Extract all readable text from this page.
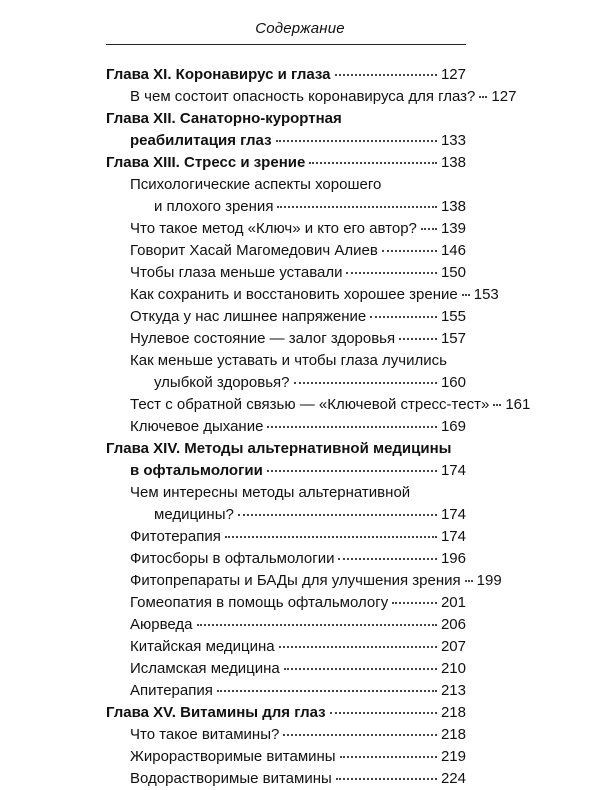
Содержание
Глава XI. Коронавирус и глаза	127
В чем состоит опасность коронавируса для глаз? 127
Глава XII. Санаторно-курортная
реабилитация глаз	133
Глава XIII. Стресс и зрение	138
Психологические аспекты хорошего
и плохого зрения	138
Что такое метод «Ключ» и кто его автор? 139
Говорит Хасай Магомедович Алиев	146
Чтобы глаза меньше уставали	150
Как сохранить и восстановить хорошее зрение 153
Откуда у нас лишнее напряжение	155
Нулевое состояние — залог здоровья	157
Как меньше уставать и чтобы глаза лучились
улыбкой здоровья?	160
Тест с обратной связью — «Ключевой стресс-тест» 161
Ключевое дыхание	169
Глава XIV. Методы альтернативной медицины
в офтальмологии	174
Чем интересны методы альтернативной
медицины?	174
Фитотерапия	174
Фитосборы в офтальмологии	196
Фитопрепараты и БАДы для улучшения зрения 199
Гомеопатия в помощь офтальмологу	201
Аюрведа	206
Китайская медицина	207
Исламская медицина	210
Апитерапия	213
Глава XV. Витамины для глаз	218
Что такое витамины?	218
Жирорастворимые витамины	219
Водорастворимые витамины	224
